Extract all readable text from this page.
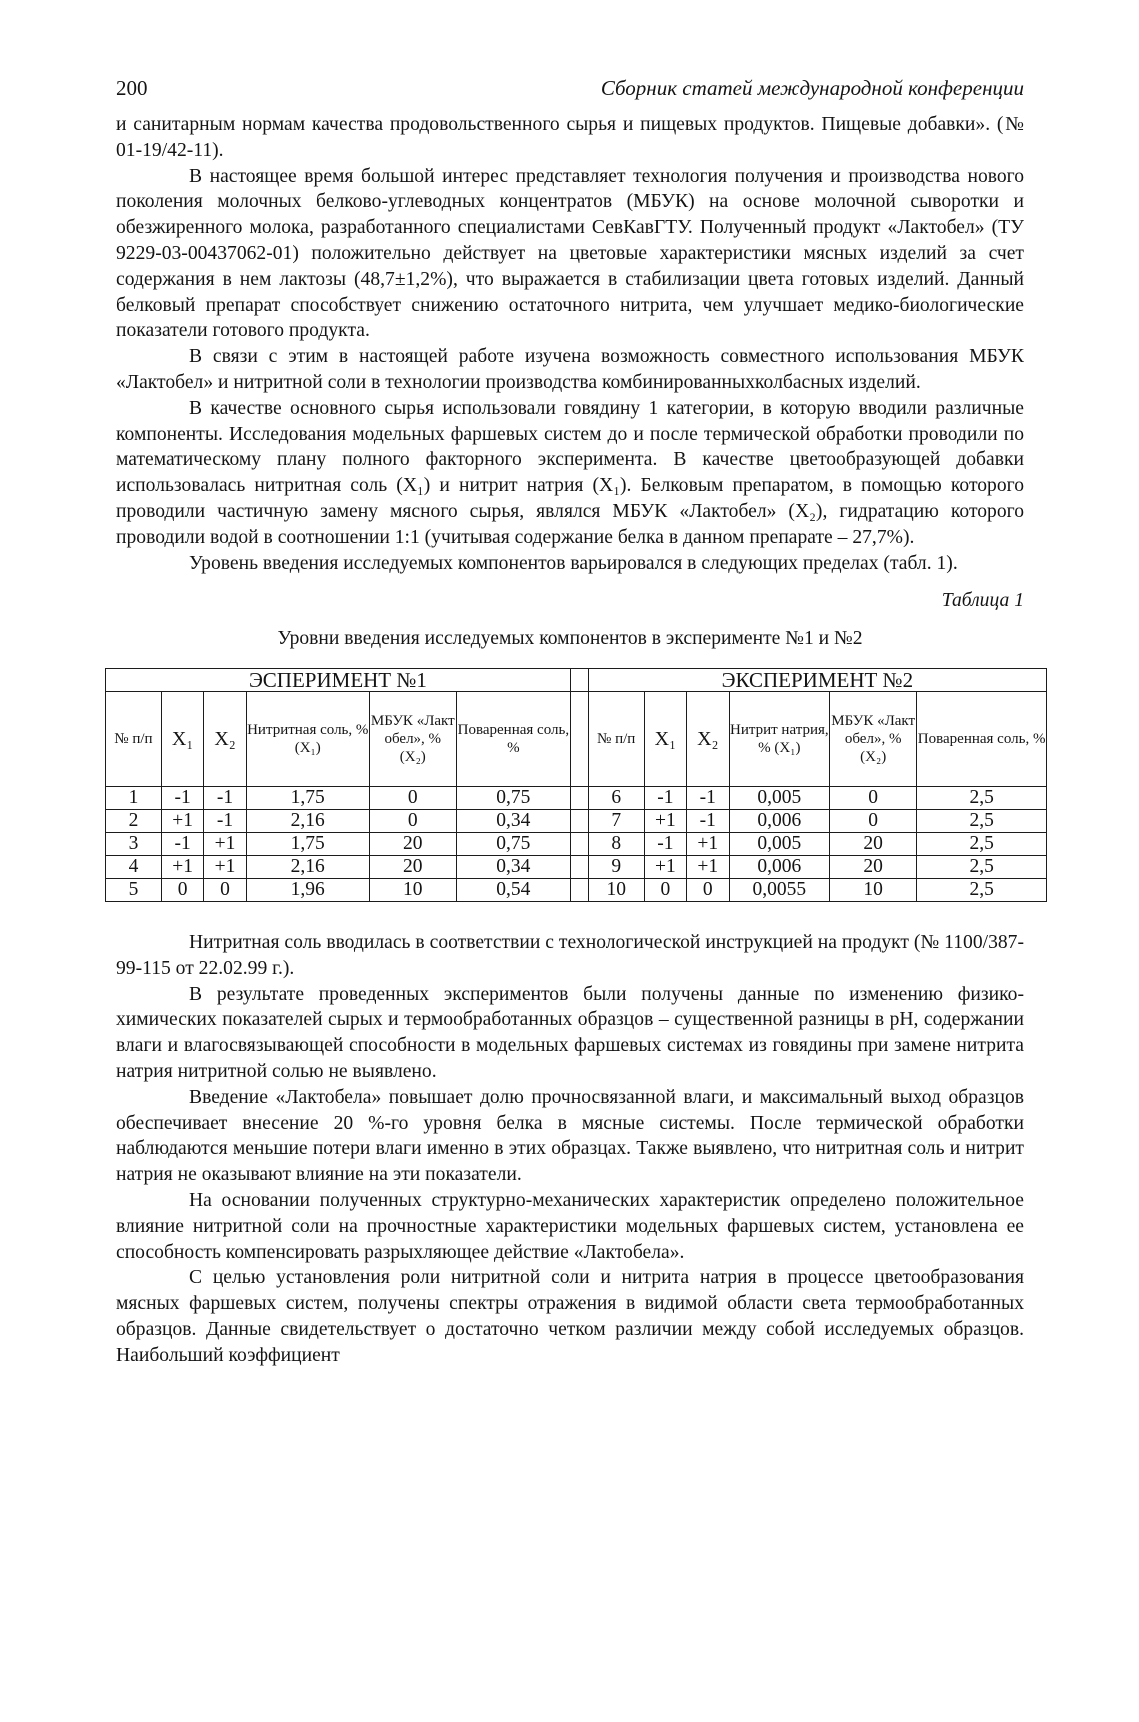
200	Сборник статей международной конференции

и санитарным нормам качества продовольственного сырья и пищевых продуктов. Пищевые добавки». (№ 01-19/42-11).

В настоящее время большой интерес представляет технология получения и производства нового поколения молочных белково-углеводных концентратов (МБУК) на основе молочной сыворотки и обезжиренного молока, разработанного специалистами СевКавГТУ. Полученный продукт «Лактобел» (ТУ 9229-03-00437062-01) положительно действует на цветовые характеристики мясных изделий за счет содержания в нем лактозы (48,7±1,2%), что выражается в стабилизации цвета готовых изделий. Данный белковый препарат способствует снижению остаточного нитрита, чем улучшает медико-биологические показатели готового продукта.

В связи с этим в настоящей работе изучена возможность совместного использования МБУК «Лактобел» и нитритной соли в технологии производства комбинированныхколбасных изделий.

В качестве основного сырья использовали говядину 1 категории, в которую вводили различные компоненты. Исследования модельных фаршевых систем до и после термической обработки проводили по математическому плану полного факторного эксперимента. В качестве цветообразующей добавки использовалась нитритная соль (X₁) и нитрит натрия (X₁). Белковым препаратом, в помощью которого проводили частичную замену мясного сырья, являлся МБУК «Лактобел» (X₂), гидратацию которого проводили водой в соотношении 1:1 (учитывая содержание белка в данном препарате – 27,7%).

Уровень введения исследуемых компонентов варьировался в следующих пределах (табл. 1).

Таблица 1
Уровни введения исследуемых компонентов в эксперименте №1 и №2
ЭСПЕРИМЕНТ №1							ЭКСПЕРИМЕНТ №2					
№ п/п	X₁	X₂	Нитритная соль, % (X₁)	МБУК «Лакт обел», % (X₂)	Поваренная соль, %		№ п/п	X₁	X₂	Нитрит натрия, % (X₁)	МБУК «Лакт обел», % (X₂)	Поваренная соль, %
1	-1	-1	1,75	0	0,75		6	-1	-1	0,005	0	2,5
2	+1	-1	2,16	0	0,34		7	+1	-1	0,006	0	2,5
3	-1	+1	1,75	20	0,75		8	-1	+1	0,005	20	2,5
4	+1	+1	2,16	20	0,34		9	+1	+1	0,006	20	2,5
5	0	0	1,96	10	0,54		10	0	0	0,0055	10	2,5

Нитритная соль вводилась в соответствии с технологической инструкцией на продукт (№ 1100/387-99-115 от 22.02.99 г.).

В результате проведенных экспериментов были получены данные по изменению физико-химических показателей сырых и термообработанных образцов – существенной разницы в pH, содержании влаги и влагосвязывающей способности в модельных фаршевых системах из говядины при замене нитрита натрия нитритной солью не выявлено.

Введение «Лактобела» повышает долю прочносвязанной влаги, и максимальный выход образцов обеспечивает внесение 20 %-го уровня белка в мясные системы. После термической обработки наблюдаются меньшие потери влаги именно в этих образцах. Также выявлено, что нитритная соль и нитрит натрия не оказывают влияние на эти показатели.

На основании полученных структурно-механических характеристик определено положительное влияние нитритной соли на прочностные характеристики модельных фаршевых систем, установлена ее способность компенсировать разрыхляющее действие «Лактобела».

С целью установления роли нитритной соли и нитрита натрия в процессе цветообразования мясных фаршевых систем, получены спектры отражения в видимой области света термообработанных образцов. Данные свидетельствует о достаточно четком различии между собой исследуемых образцов. Наибольший коэффициент
